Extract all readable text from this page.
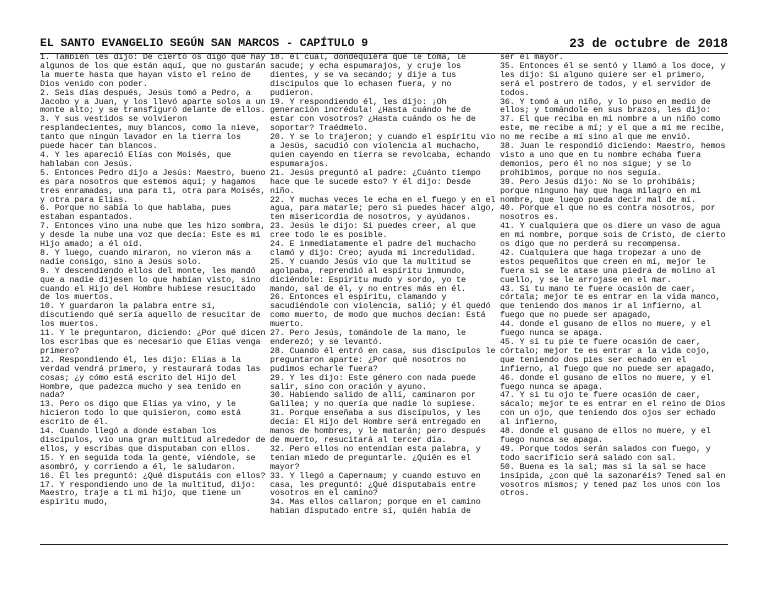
EL SANTO EVANGELIO SEGÚN SAN MARCOS - CAPÍTULO 9	23 de octubre de 2018

1. Tambien les dijo: De cierto os digo que hay algunos de los que están aquí, que no gustarán la muerte hasta que hayan visto el reino de Dios venido con poder.

2. Seis días después, Jesús tomó a Pedro, a Jacobo y a Juan, y los llevó aparte solos a un monte alto; y se transfiguró delante de ellos.

3. Y sus vestidos se volvieron resplandecientes, muy blancos, como la nieve, tanto que ningún lavador en la tierra los puede hacer tan blancos.

4. Y les apareció Elías con Moisés, que hablaban con Jesús.

5. Entonces Pedro dijo a Jesús: Maestro, bueno es para nosotros que estemos aquí; y hagamos tres enramadas, una para ti, otra para Moisés, y otra para Elías.

6. Porque no sabía lo que hablaba, pues estaban espantados.

7. Entonces vino una nube que les hizo sombra, y desde la nube una voz que decía: Este es mi Hijo amado; a él oíd.

8. Y luego, cuando miraron, no vieron más a nadie consigo, sino a Jesús solo.

9. Y descendiendo ellos del monte, les mandó que a nadie dijesen lo que habían visto, sino cuando el Hijo del Hombre hubiese resucitado de los muertos.

10. Y guardaron la palabra entre sí, discutiendo qué sería aquello de resucitar de los muertos.

11. Y le preguntaron, diciendo: ¿Por qué dicen los escribas que es necesario que Elías venga primero?

12. Respondiendo él, les dijo: Elías a la verdad vendrá primero, y restaurará todas las cosas; ¿y cómo está escrito del Hijo del Hombre, que padezca mucho y sea tenido en nada?

13. Pero os digo que Elías ya vino, y le hicieron todo lo que quisieron, como está escrito de él.

14. Cuando llegó a donde estaban los discípulos, vio una gran multitud alrededor de ellos, y escribas que disputaban con ellos.

15. Y en seguida toda la gente, viéndole, se asombró, y corriendo a él, le saludaron.

16. Él les preguntó: ¿Qué disputáis con ellos?

17. Y respondiendo uno de la multitud, dijo: Maestro, traje a ti mi hijo, que tiene un espíritu mudo,

18. el cual, dondequiera que le toma, le sacude; y echa espumarajos, y cruje los dientes, y se va secando; y dije a tus discípulos que lo echasen fuera, y no pudieron.

19. Y respondiendo él, les dijo: ¡Oh generación incrédula! ¿Hasta cuándo he de estar con vosotros? ¿Hasta cuándo os he de soportar? Traédmelo.

20. Y se lo trajeron; y cuando el espíritu vio a Jesús, sacudió con violencia al muchacho, quien cayendo en tierra se revolcaba, echando espumarajos.

21. Jesús preguntó al padre: ¿Cuánto tiempo hace que le sucede esto? Y él dijo: Desde niño.

22. Y muchas veces le echa en el fuego y en el agua, para matarle; pero si puedes hacer algo, ten misericordia de nosotros, y ayúdanos.

23. Jesús le dijo: Si puedes creer, al que cree todo le es posible.

24. E inmediatamente el padre del muchacho clamó y dijo: Creo; ayuda mi incredulidad.

25. Y cuando Jesús vio que la multitud se agolpaba, reprendió al espíritu inmundo, diciéndole: Espíritu mudo y sordo, yo te mando, sal de él, y no entres más en él.

26. Entonces el espíritu, clamando y sacudiéndole con violencia, salió; y él quedó como muerto, de modo que muchos decían: Está muerto.

27. Pero Jesús, tomándole de la mano, le enderezó; y se levantó.

28. Cuando él entró en casa, sus discípulos le preguntaron aparte: ¿Por qué nosotros no pudimos echarle fuera?

29. Y les dijo: Este género con nada puede salir, sino con oración y ayuno.

30. Habiendo salido de allí, caminaron por Galilea; y no quería que nadie lo supiese.

31. Porque enseñaba a sus discípulos, y les decía: El Hijo del Hombre será entregado en manos de hombres, y le matarán; pero después de muerto, resucitará al tercer día.

32. Pero ellos no entendían esta palabra, y tenían miedo de preguntarle. ¿Quién es el mayor?

33. Y llegó a Capernaum; y cuando estuvo en casa, les preguntó: ¿Qué disputabais entre vosotros en el camino?

34. Mas ellos callaron; porque en el camino habían disputado entre sí, quién había de

ser el mayor.

35. Entonces él se sentó y llamó a los doce, y les dijo: Si alguno quiere ser el primero, será el postrero de todos, y el servidor de todos.

36. Y tomó a un niño, y lo puso en medio de ellos; y tomándole en sus brazos, les dijo:

37. El que reciba en mi nombre a un niño como este, me recibe a mí; y el que a mí me recibe, no me recibe a mí sino al que me envió.

38. Juan le respondió diciendo: Maestro, hemos visto a uno que en tu nombre echaba fuera demonios, pero él no nos sigue; y se lo prohibimos, porque no nos seguía.

39. Pero Jesús dijo: No se lo prohibáis; porque ninguno hay que haga milagro en mi nombre, que luego pueda decir mal de mí.

40. Porque el que no es contra nosotros, por nosotros es.

41. Y cualquiera que os diere un vaso de agua en mi nombre, porque sois de Cristo, de cierto os digo que no perderá su recompensa.

42. Cualquiera que haga tropezar a uno de estos pequeñitos que creen en mí, mejor le fuera si se le atase una piedra de molino al cuello, y se le arrojase en el mar.

43. Si tu mano te fuere ocasión de caer, córtala; mejor te es entrar en la vida manco, que teniendo dos manos ir al infierno, al fuego que no puede ser apagado,

44. donde el gusano de ellos no muere, y el fuego nunca se apaga.

45. Y si tu pie te fuere ocasión de caer, córtalo; mejor te es entrar a la vida cojo, que teniendo dos pies ser echado en el infierno, al fuego que no puede ser apagado,

46. donde el gusano de ellos no muere, y el fuego nunca se apaga.

47. Y si tu ojo te fuere ocasión de caer, sácalo; mejor te es entrar en el reino de Dios con un ojo, que teniendo dos ojos ser echado al infierno,

48. donde el gusano de ellos no muere, y el fuego nunca se apaga.

49. Porque todos serán salados con fuego, y todo sacrificio será salado con sal.

50. Buena es la sal; mas si la sal se hace insípida, ¿con qué la sazonaréis? Tened sal en vosotros mismos; y tened paz los unos con los otros.
